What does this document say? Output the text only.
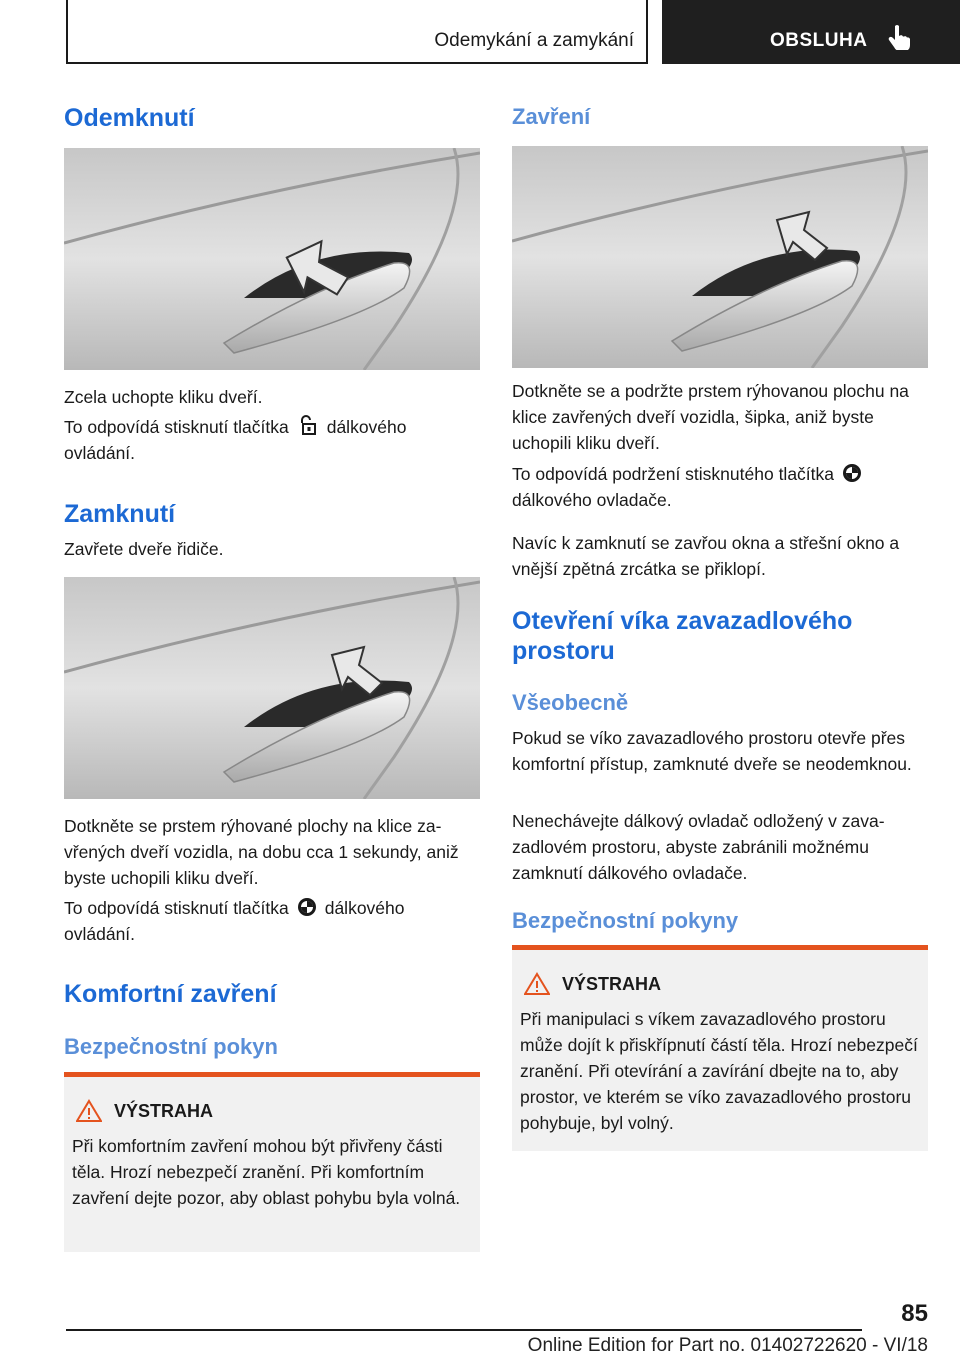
Odemykání a zamykání	OBSLUHA
Odemknutí

Zcela uchopte kliku dveří.

To odpovídá stisknutí tlačítka dálkového ovládání.

Zamknutí

Zavřete dveře řidiče.

Dotkněte se prstem rýhované plochy na klice zavřených dveří vozidla, na dobu cca 1 sekundy, aniž byste uchopili kliku dveří.

To odpovídá stisknutí tlačítka dálkového ovládání.

Komfortní zavření
Bezpečnostní pokyn
VÝSTRAHA
Při komfortním zavření mohou být přivřeny části těla. Hrozí nebezpečí zranění. Při komfortním zavření dejte pozor, aby oblast pohybu byla volná.
Zavření

Dotkněte se a podržte prstem rýhovanou plochu na klice zavřených dveří vozidla, šipka, aniž byste uchopili kliku dveří.

To odpovídá podržení stisknutého tlačítkadálkového ovladače.

Navíc k zamknutí se zavřou okna a střešní okno a vnější zpětná zrcátka se přiklopí.

Otevření víka zavazadlového prostoru
Všeobecně

Pokud se víko zavazadlového prostoru otevře přes komfortní přístup, zamknuté dveře se neodemknou.

Nenechávejte dálkový ovladač odložený v zavazadlovém prostoru, abyste zabránili možnému zamknutí dálkového ovladače.

Bezpečnostní pokyny
VÝSTRAHA
Při manipulaci s víkem zavazadlového prostoru může dojít k přiskřípnutí částí těla. Hrozí nebezpečí zranění. Při otevírání a zavírání dbejte na to, aby prostor, ve kterém se víko zavazadlového prostoru pohybuje, byl volný.
85
Online Edition for Part no. 01402722620 - VI/18
